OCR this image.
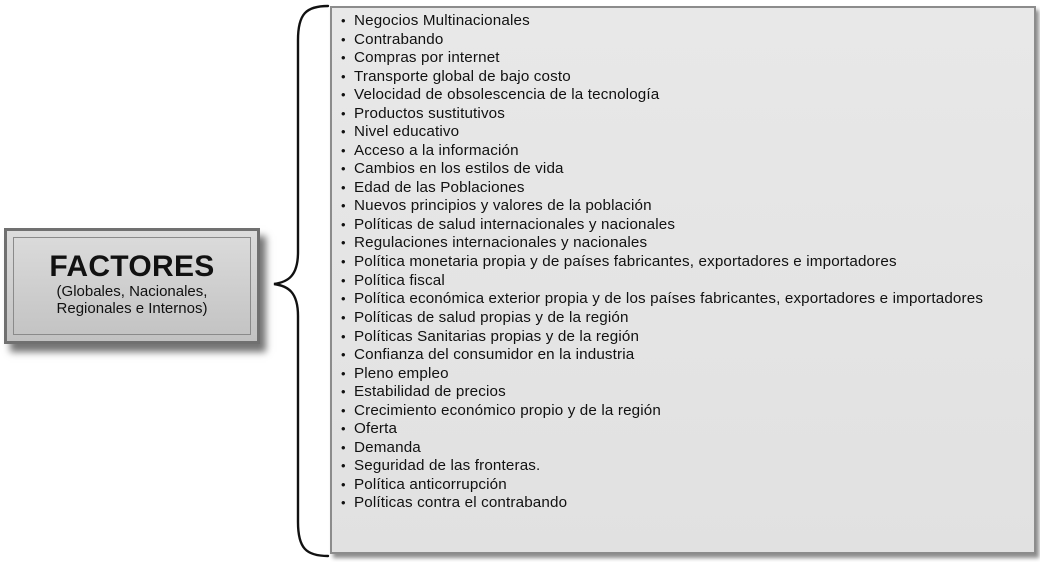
FACTORES
(Globales, Nacionales,
Regionales e Internos)
• Negocios Multinacionales
• Contrabando
• Compras por internet
• Transporte global de bajo costo
• Velocidad de obsolescencia de la tecnología
• Productos sustitutivos
• Nivel educativo
• Acceso a la información
• Cambios en los estilos de vida
• Edad de las Poblaciones
• Nuevos principios y valores de la población
• Políticas de salud internacionales y nacionales
• Regulaciones internacionales y nacionales
• Política monetaria propia y de países fabricantes, exportadores e importadores
• Política fiscal
• Política económica exterior propia y de los países fabricantes, exportadores e importadores
• Políticas de salud propias y de la región
• Políticas Sanitarias propias y de la región
• Confianza del consumidor en la industria
• Pleno empleo
• Estabilidad de precios
• Crecimiento económico propio y de la región
• Oferta
• Demanda
• Seguridad de las fronteras.
• Política anticorrupción
• Políticas contra el contrabando
